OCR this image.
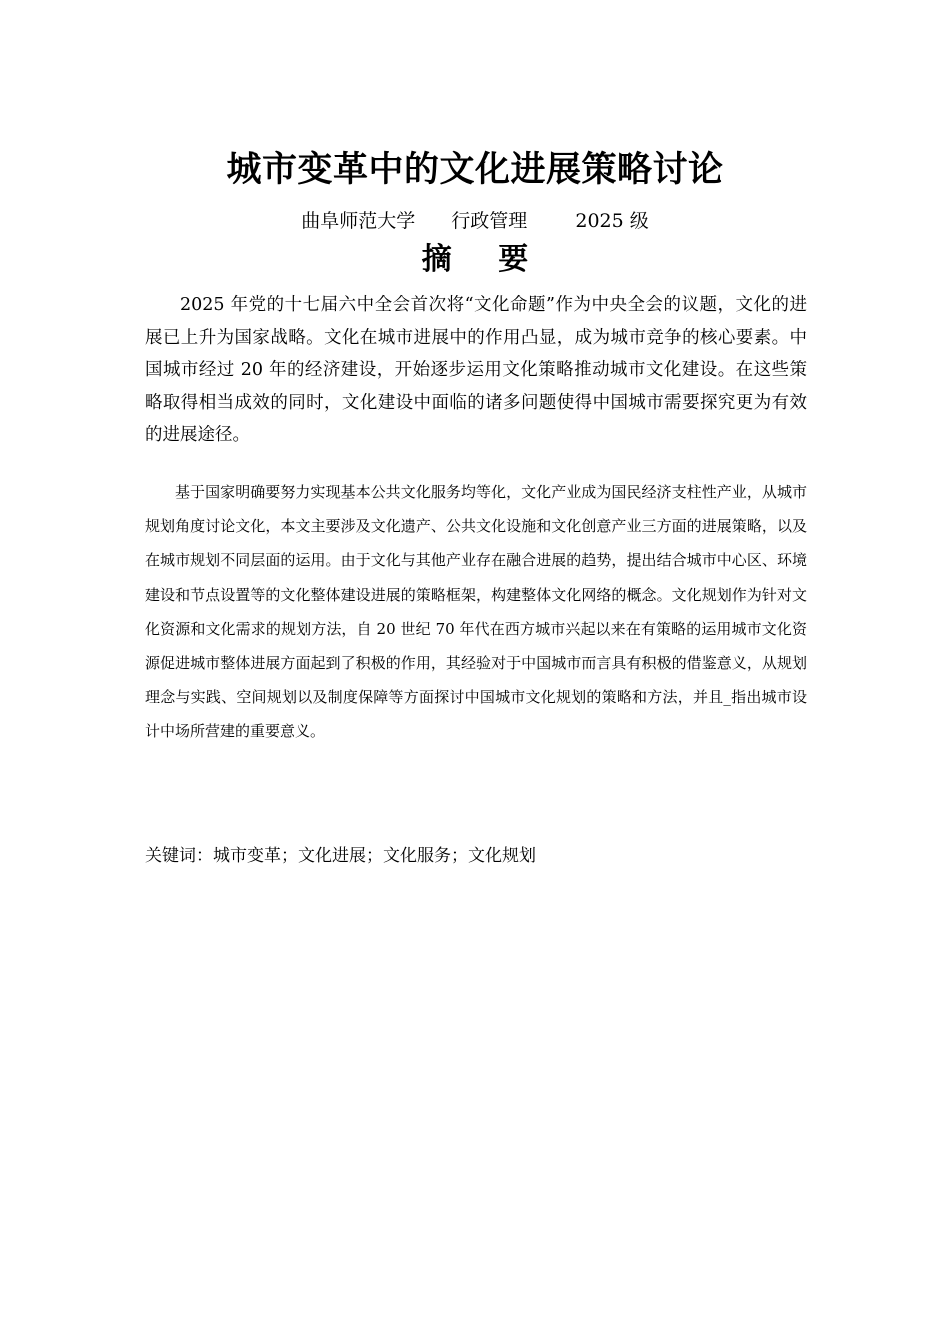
城市变革中的文化进展策略讨论
曲阜师范大学 行政管理	2025 级
摘 要

2025 年党的十七届六中全会首次将“文化命题”作为中央全会的议题，文化的进展已上升为国家战略。文化在城市进展中的作用凸显，成为城市竞争的核心要素。中国城市经过 20 年的经济建设，开始逐步运用文化策略推动城市文化建设。在这些策略取得相当成效的同时，文化建设中面临的诸多问题使得中国城市需要探究更为有效的进展途径。

基于国家明确要努力实现基本公共文化服务均等化，文化产业成为国民经济支柱性产业，从城市规划角度讨论文化，本文主要涉及文化遗产、公共文化设施和文化创意产业三方面的进展策略，以及在城市规划不同层面的运用。由于文化与其他产业存在融合进展的趋势，提出结合城市中心区、环境建设和节点设置等的文化整体建设进展的策略框架，构建整体文化网络的概念。文化规划作为针对文化资源和文化需求的规划方法，自 20 世纪 70 年代在西方城市兴起以来在有策略的运用城市文化资源促进城市整体进展方面起到了积极的作用，其经验对于中国城市而言具有积极的借鉴意义，从规划理念与实践、空间规划以及制度保障等方面探讨中国城市文化规划的策略和方法，并且_指出城市设计中场所营建的重要意义。

关键词：城市变革；文化进展；文化服务；文化规划
